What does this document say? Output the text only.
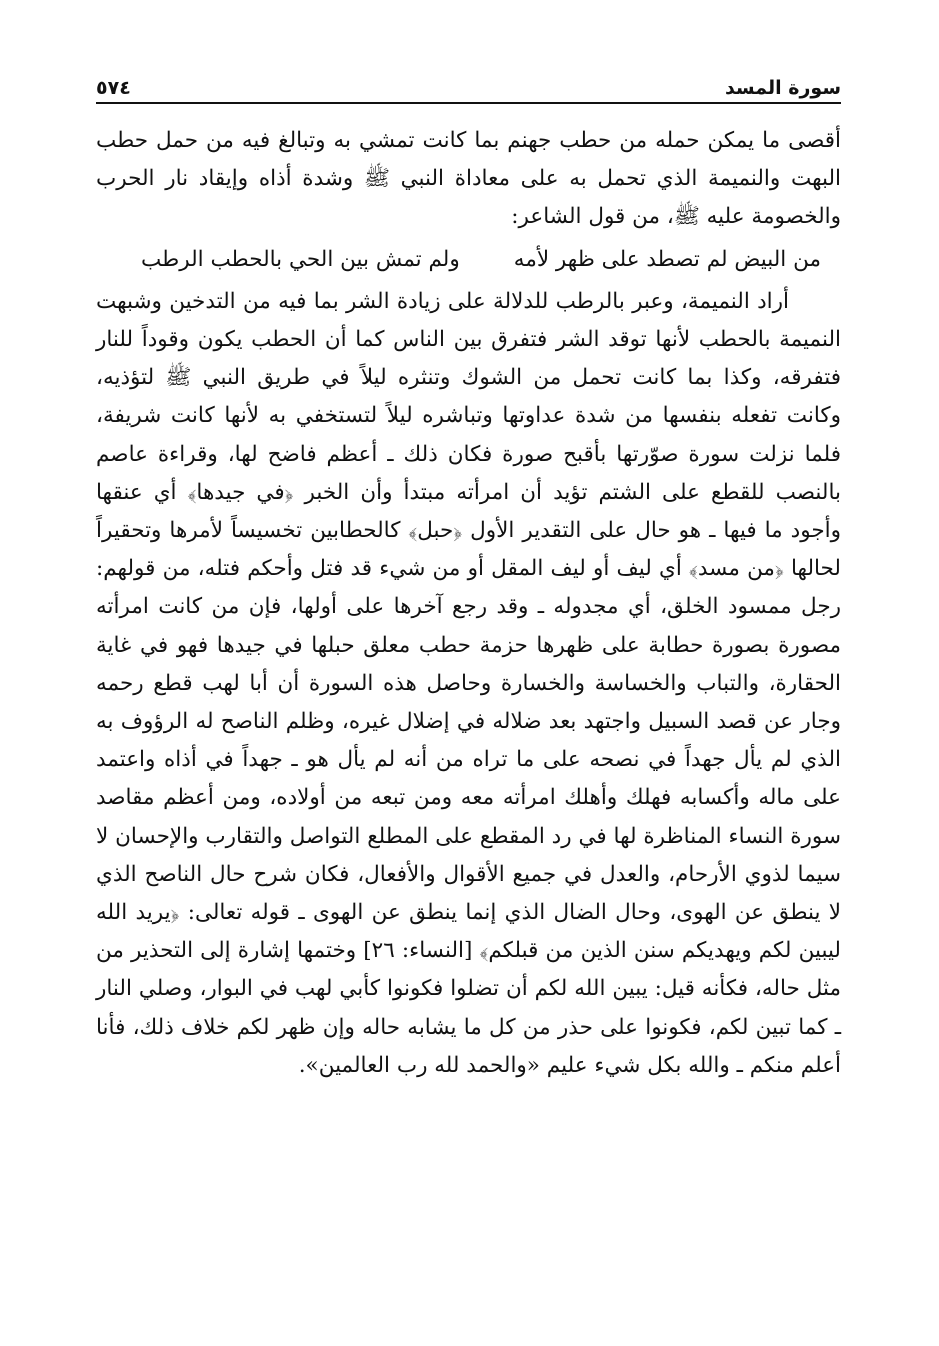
سورة المسد
٥٧٤

أقصى ما يمكن حمله من حطب جهنم بما كانت تمشي به وتبالغ فيه من حمل حطب البهت والنميمة الذي تحمل به على معاداة النبي ﷺ وشدة أذاه وإيقاد نار الحرب والخصومة عليه ﷺ، من قول الشاعر:

من البيض لم تصطد على ظهر لأمه
ولم تمش بين الحي بالحطب الرطب

أراد النميمة، وعبر بالرطب للدلالة على زيادة الشر بما فيه من التدخين وشبهت النميمة بالحطب لأنها توقد الشر فتفرق بين الناس كما أن الحطب يكون وقوداً للنار فتفرقه، وكذا بما كانت تحمل من الشوك وتنثره ليلاً في طريق النبي ﷺ لتؤذيه، وكانت تفعله بنفسها من شدة عداوتها وتباشره ليلاً لتستخفي به لأنها كانت شريفة، فلما نزلت سورة صوّرتها بأقبح صورة فكان ذلك ـ أعظم فاضح لها، وقراءة عاصم بالنصب للقطع على الشتم تؤيد أن امرأته مبتدأ وأن الخبر ﴿في جيدها﴾ أي عنقها وأجود ما فيها ـ هو حال على التقدير الأول ﴿حبل﴾ كالحطابين تخسيساً لأمرها وتحقيراً لحالها ﴿من مسد﴾ أي ليف أو ليف المقل أو من شيء قد فتل وأحكم فتله، من قولهم: رجل ممسود الخلق، أي مجدوله ـ وقد رجع آخرها على أولها، فإن من كانت امرأته مصورة بصورة حطابة على ظهرها حزمة حطب معلق حبلها في جيدها فهو في غاية الحقارة، والتباب والخساسة والخسارة وحاصل هذه السورة أن أبا لهب قطع رحمه وجار عن قصد السبيل واجتهد بعد ضلاله في إضلال غيره، وظلم الناصح له الرؤوف به الذي لم يأل جهداً في نصحه على ما تراه من أنه لم يأل هو ـ جهداً في أذاه واعتمد على ماله وأكسابه فهلك وأهلك امرأته معه ومن تبعه من أولاده، ومن أعظم مقاصد سورة النساء المناظرة لها في رد المقطع على المطلع التواصل والتقارب والإحسان لا سيما لذوي الأرحام، والعدل في جميع الأقوال والأفعال، فكان شرح حال الناصح الذي لا ينطق عن الهوى، وحال الضال الذي إنما ينطق عن الهوى ـ قوله تعالى: ﴿يريد الله ليبين لكم ويهديكم سنن الذين من قبلكم﴾ [النساء: ٢٦] وختمها إشارة إلى التحذير من مثل حاله، فكأنه قيل: يبين الله لكم أن تضلوا فكونوا كأبي لهب في البوار، وصلي النار ـ كما تبين لكم، فكونوا على حذر من كل ما يشابه حاله وإن ظهر لكم خلاف ذلك، فأنا أعلم منكم ـ والله بكل شيء عليم «والحمد لله رب العالمين».
